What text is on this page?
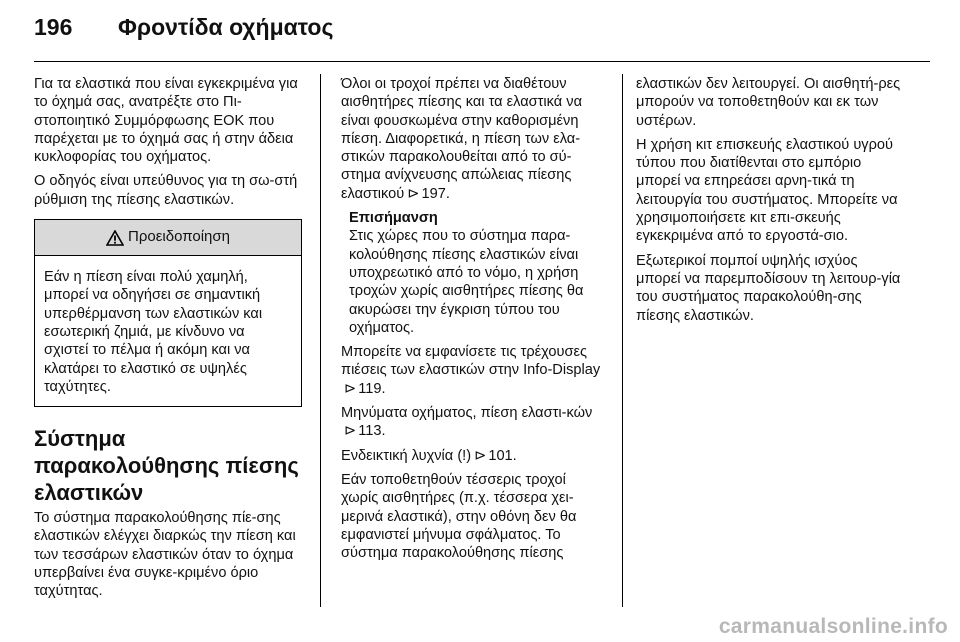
196	Φροντίδα οχήματος

Για τα ελαστικά που είναι εγκεκριμένα για το όχημά σας, ανατρέξτε στο Πι-στοποιητικό Συμμόρφωσης ΕΟΚ που παρέχεται με το όχημά σας ή στην άδεια κυκλοφορίας του οχήματος.

Ο οδηγός είναι υπεύθυνος για τη σω-στή ρύθμιση της πίεσης ελαστικών.

Προειδοποίηση
Εάν η πίεση είναι πολύ χαμηλή, μπορεί να οδηγήσει σε σημαντική υπερθέρμανση των ελαστικών και εσωτερική ζημιά, με κίνδυνο να σχιστεί το πέλμα ή ακόμη και να κλατάρει το ελαστικό σε υψηλές ταχύτητες.
Σύστημα παρακολούθησης πίεσης ελαστικών

Το σύστημα παρακολούθησης πίε-σης ελαστικών ελέγχει διαρκώς την πίεση και των τεσσάρων ελαστικών όταν το όχημα υπερβαίνει ένα συγκε-κριμένο όριο ταχύτητας.

Όλοι οι τροχοί πρέπει να διαθέτουν αισθητήρες πίεσης και τα ελαστικά να είναι φουσκωμένα στην καθορισμένη πίεση. Διαφορετικά, η πίεση των ελα-στικών παρακολουθείται από το σύ-στημα ανίχνευσης απώλειας πίεσης ελαστικού ⊳ 197.

Επισήμανση
Στις χώρες που το σύστημα παρα-κολούθησης πίεσης ελαστικών είναι υποχρεωτικό από το νόμο, η χρήση τροχών χωρίς αισθητήρες πίεσης θα ακυρώσει την έγκριση τύπου του οχήματος.

Μπορείτε να εμφανίσετε τις τρέχουσες πιέσεις των ελαστικών στην Info-Display⊳ 119.

Μηνύματα οχήματος, πίεση ελαστι-κών⊳ 113.

Ενδεικτική λυχνία (!) ⊳ 101.

Εάν τοποθετηθούν τέσσερις τροχοί χωρίς αισθητήρες (π.χ. τέσσερα χει-μερινά ελαστικά), στην οθόνη δεν θα εμφανιστεί μήνυμα σφάλματος. Το σύστημα παρακολούθησης πίεσης

ελαστικών δεν λειτουργεί. Οι αισθητή-ρες μπορούν να τοποθετηθούν και εκ των υστέρων.

Η χρήση κιτ επισκευής ελαστικού υγρού τύπου που διατίθενται στο εμπόριο μπορεί να επηρεάσει αρνη-τικά τη λειτουργία του συστήματος. Μπορείτε να χρησιμοποιήσετε κιτ επι-σκευής εγκεκριμένα από το εργοστά-σιο.

Εξωτερικοί πομποί υψηλής ισχύος μπορεί να παρεμποδίσουν τη λειτουρ-γία του συστήματος παρακολούθη-σης πίεσης ελαστικών.

carmanualsonline.info
